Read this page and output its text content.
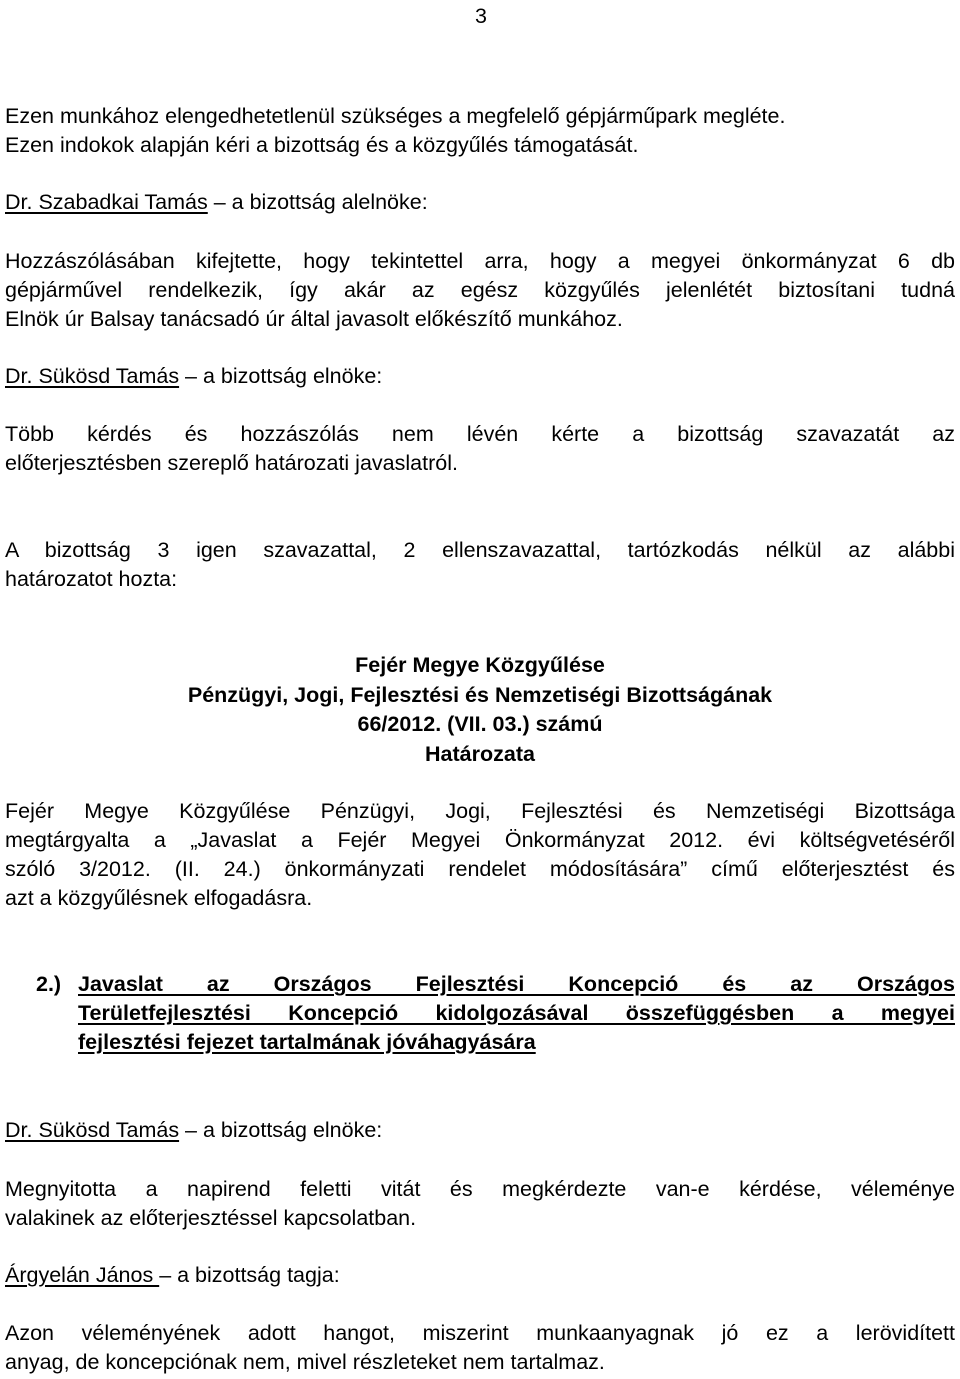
3
Ezen munkához elengedhetetlenül szükséges a megfelelő gépjárműpark megléte.
Ezen indokok alapján kéri a bizottság és a közgyűlés támogatását.
Dr. Szabadkai Tamás – a bizottság alelnöke:
Hozzászólásában kifejtette, hogy tekintettel arra, hogy a megyei önkormányzat 6 db
gépjárművel rendelkezik, így akár az egész közgyűlés jelenlétét biztosítani tudná
Elnök úr Balsay tanácsadó úr által javasolt előkészítő munkához.
Dr. Sükösd Tamás – a bizottság elnöke:
Több kérdés és hozzászólás nem lévén kérte a bizottság szavazatát az
előterjesztésben szereplő határozati javaslatról.
A bizottság 3 igen szavazattal, 2 ellenszavazattal, tartózkodás nélkül az alábbi
határozatot hozta:
Fejér Megye Közgyűlése
Pénzügyi, Jogi, Fejlesztési és Nemzetiségi Bizottságának
66/2012. (VII. 03.) számú
Határozata
Fejér Megye Közgyűlése Pénzügyi, Jogi, Fejlesztési és Nemzetiségi Bizottsága
megtárgyalta a „Javaslat a Fejér Megyei Önkormányzat 2012. évi költségvetéséről
szóló 3/2012. (II. 24.) önkormányzati rendelet módosítására” című előterjesztést és
azt a közgyűlésnek elfogadásra.
2.) Javaslat az Országos Fejlesztési Koncepció és az Országos
Területfejlesztési Koncepció kidolgozásával összefüggésben a megyei
fejlesztési fejezet tartalmának jóváhagyására
Dr. Sükösd Tamás – a bizottság elnöke:
Megnyitotta a napirend feletti vitát és megkérdezte van-e kérdése, véleménye
valakinek az előterjesztéssel kapcsolatban.
Árgyelán János – a bizottság tagja:
Azon véleményének adott hangot, miszerint munkaanyagnak jó ez a lerövidített
anyag, de koncepciónak nem, mivel részleteket nem tartalmaz.
